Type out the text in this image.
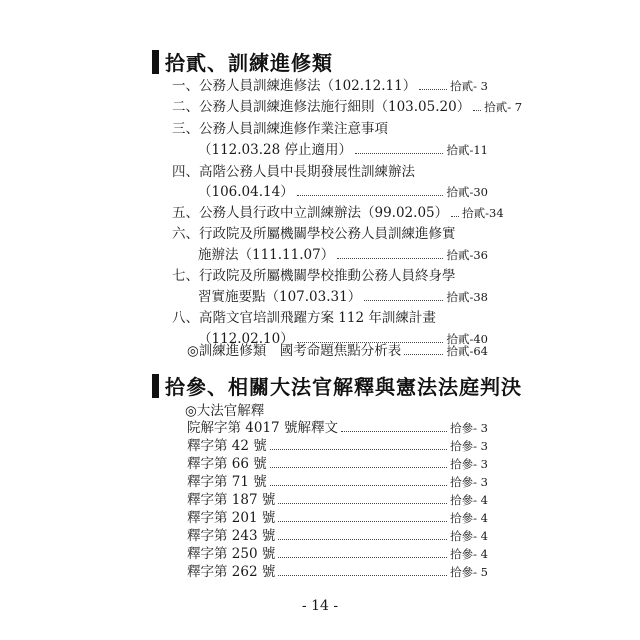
拾貳、訓練進修類
一、公務人員訓練進修法（102.12.11）	拾貳- 3
二、公務人員訓練進修法施行細則（103.05.20） 拾貳- 7
三、公務人員訓練進修作業注意事項
（112.03.28 停止適用）	拾貳-11
四、高階公務人員中長期發展性訓練辦法
（106.04.14）	拾貳-30
五、公務人員行政中立訓練辦法（99.02.05） 拾貳-34
六、行政院及所屬機關學校公務人員訓練進修實
施辦法（111.11.07）	拾貳-36
七、行政院及所屬機關學校推動公務人員終身學
習實施要點（107.03.31）	拾貳-38
八、高階文官培訓飛躍方案 112 年訓練計畫
（112.02.10）	拾貳-40
◎訓練進修類　國考命題焦點分析表	拾貳-64
拾參、相關大法官解釋與憲法法庭判決
◎大法官解釋
院解字第 4017 號解釋文	拾參- 3
釋字第 42 號	拾參- 3
釋字第 66 號	拾參- 3
釋字第 71 號	拾參- 3
釋字第 187 號	拾參- 4
釋字第 201 號	拾參- 4
釋字第 243 號	拾參- 4
釋字第 250 號	拾參- 4
釋字第 262 號	拾參- 5
- 14 -
